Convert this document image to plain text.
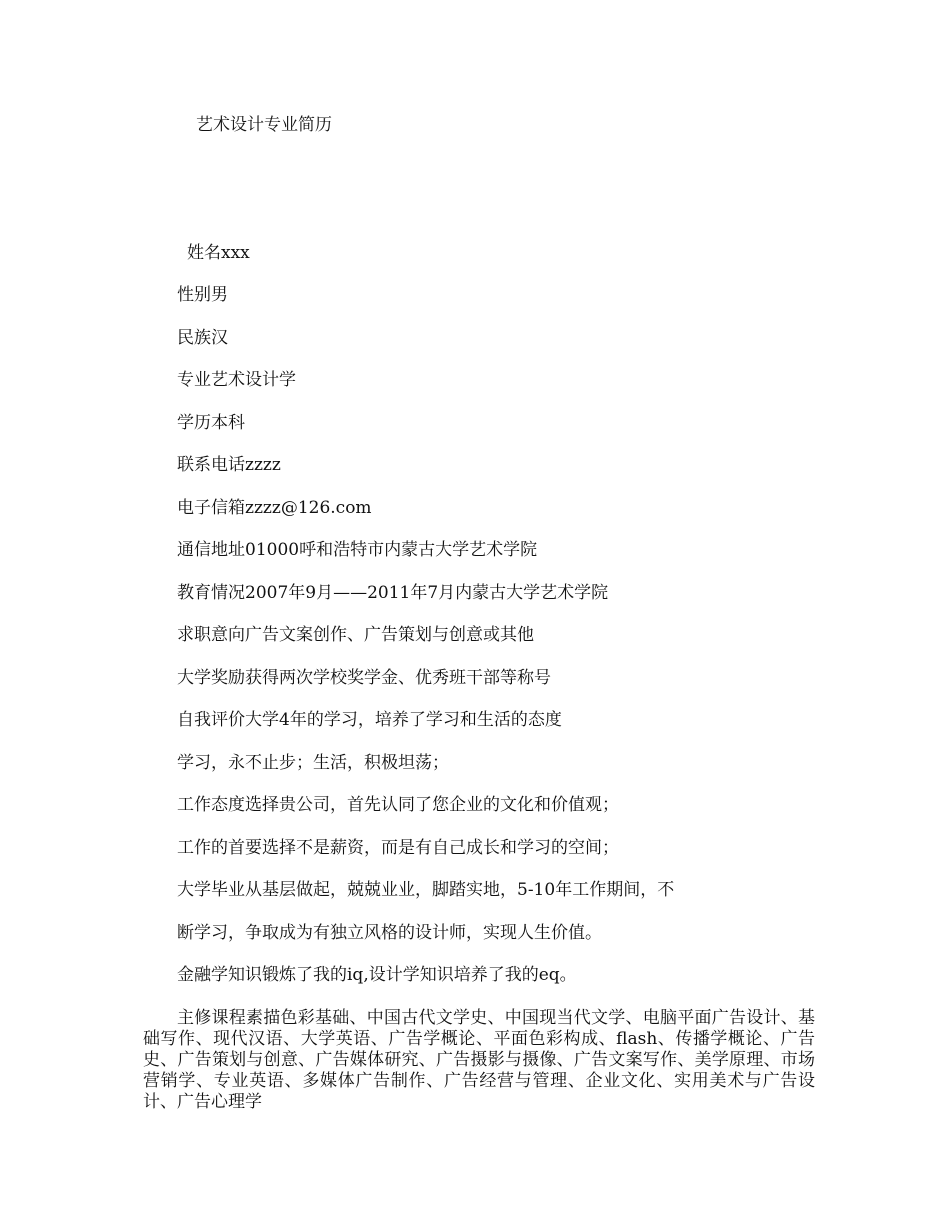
艺术设计专业简历
姓名xxx
性别男
民族汉
专业艺术设计学
学历本科
联系电话zzzz
电子信箱zzzz@126.com
通信地址01000呼和浩特市内蒙古大学艺术学院
教育情况2007年9月——2011年7月内蒙古大学艺术学院
求职意向广告文案创作、广告策划与创意或其他
大学奖励获得两次学校奖学金、优秀班干部等称号
自我评价大学4年的学习，培养了学习和生活的态度
学习，永不止步；生活，积极坦荡；
工作态度选择贵公司，首先认同了您企业的文化和价值观；
工作的首要选择不是薪资，而是有自己成长和学习的空间；
大学毕业从基层做起，兢兢业业，脚踏实地，5-10年工作期间，不
断学习，争取成为有独立风格的设计师，实现人生价值。
金融学知识锻炼了我的iq,设计学知识培养了我的eq。
主修课程素描色彩基础、中国古代文学史、中国现当代文学、电脑平面广告设计、基础写作、现代汉语、大学英语、广告学概论、平面色彩构成、flash、传播学概论、广告史、广告策划与创意、广告媒体研究、广告摄影与摄像、广告文案写作、美学原理、市场营销学、专业英语、多媒体广告制作、广告经营与管理、企业文化、实用美术与广告设计、广告心理学
